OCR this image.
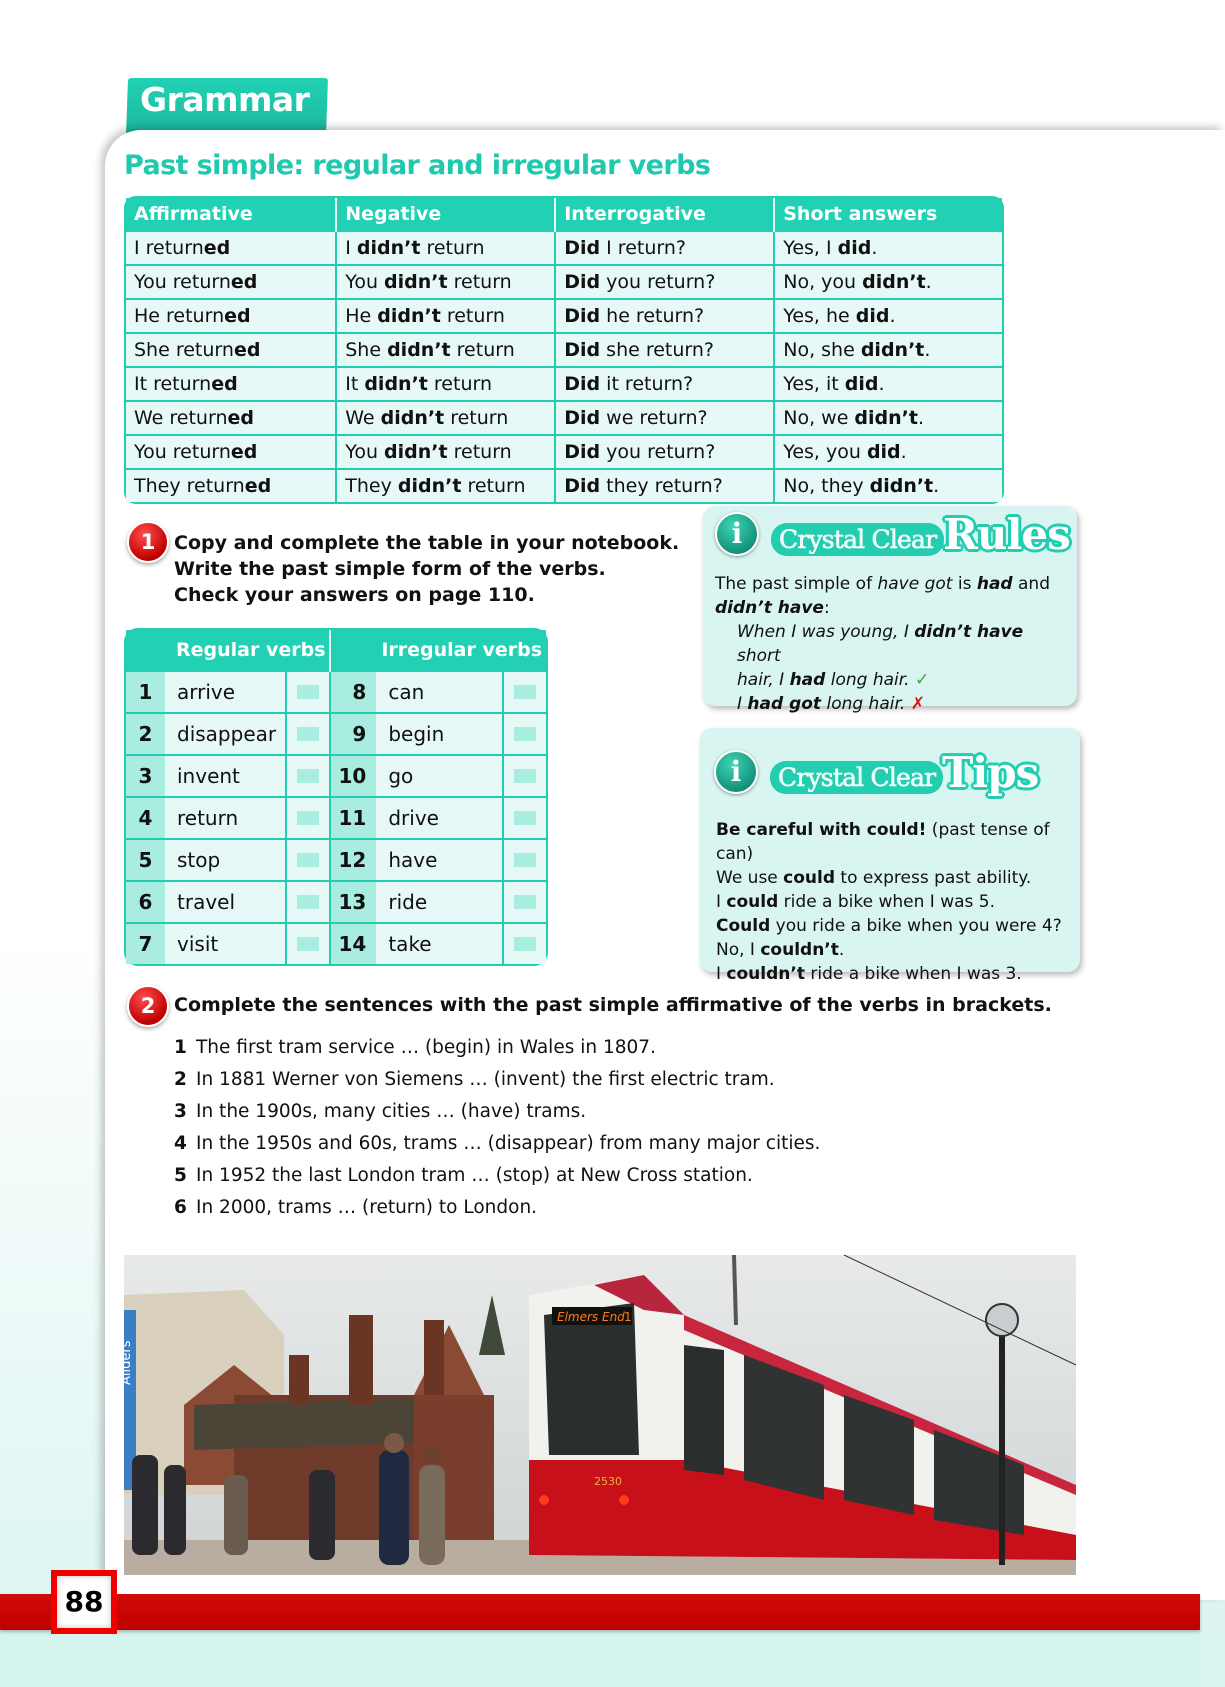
Grammar
Past simple: regular and irregular verbs
Affirmative	Negative	Interrogative	Short answers
I returned	I didn’t return	Did I return?	Yes, I did.
You returned	You didn’t return	Did you return?	No, you didn’t.
He returned	He didn’t return	Did he return?	Yes, he did.
She returned	She didn’t return	Did she return?	No, she didn’t.
It returned	It didn’t return	Did it return?	Yes, it did.
We returned	We didn’t return	Did we return?	No, we didn’t.
You returned	You didn’t return	Did you return?	Yes, you did.
They returned	They didn’t return	Did they return?	No, they didn’t.
1 Copy and complete the table in your notebook.
Write the past simple form of the verbs.
Check your answers on page 110.
Regular verbs			Irregular verbs		
1	arrive		8	can	
2	disappear		9	begin	
3	invent		10	go	
4	return		11	drive	
5	stop		12	have	
6	travel		13	ride	
7	visit		14	take	
i	Crystal Clear Rules
The past simple of have got is had and
didn’t have:
When I was young, I didn’t have short
hair, I had long hair. ✓
I had got long hair. ✗
i	Crystal Clear Tips
Be careful with could! (past tense of can)
We use could to express past ability.
I could ride a bike when I was 5.
Could you ride a bike when you were 4?
No, I couldn’t.
I couldn’t ride a bike when I was 3.
2 Complete the sentences with the past simple affirmative of the verbs in brackets.
1 The first tram service … (begin) in Wales in 1807.
2 In 1881 Werner von Siemens … (invent) the first electric tram.
3 In the 1900s, many cities … (have) trams.
4 In the 1950s and 60s, trams … (disappear) from many major cities.
5 In 1952 the last London tram … (stop) at New Cross station.
6 In 2000, trams … (return) to London.
Allders
Elmers End 1
2530
88
